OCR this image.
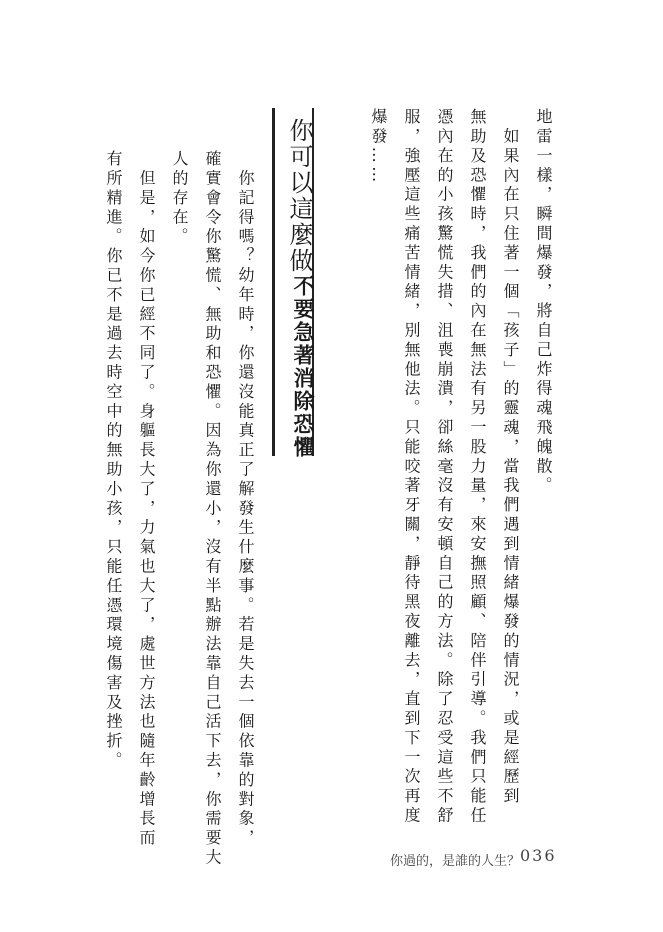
地雷一樣，瞬間爆發，將自己炸得魂飛魄散。
　如果內在只住著一個「孩子」的靈魂，當我們遇到情緒爆發的情況，或是經歷到
無助及恐懼時，我們的內在無法有另一股力量，來安撫照顧、陪伴引導。我們只能任
憑內在的小孩驚慌失措、沮喪崩潰，卻絲毫沒有安頓自己的方法。除了忍受這些不舒
服，強壓這些痛苦情緒，別無他法。只能咬著牙關，靜待黑夜離去，直到下一次再度
爆發……
你可以這麼做
不要急著消除恐懼
　你記得嗎？幼年時，你還沒能真正了解發生什麼事。若是失去一個依靠的對象，
確實會令你驚慌、無助和恐懼。因為你還小，沒有半點辦法靠自己活下去，你需要大
人的存在。
　但是，如今你已經不同了。身軀長大了，力氣也大了，處世方法也隨年齡增長而
有所精進。你已不是過去時空中的無助小孩，只能任憑環境傷害及挫折。
你過的，是誰的人生？ 036
